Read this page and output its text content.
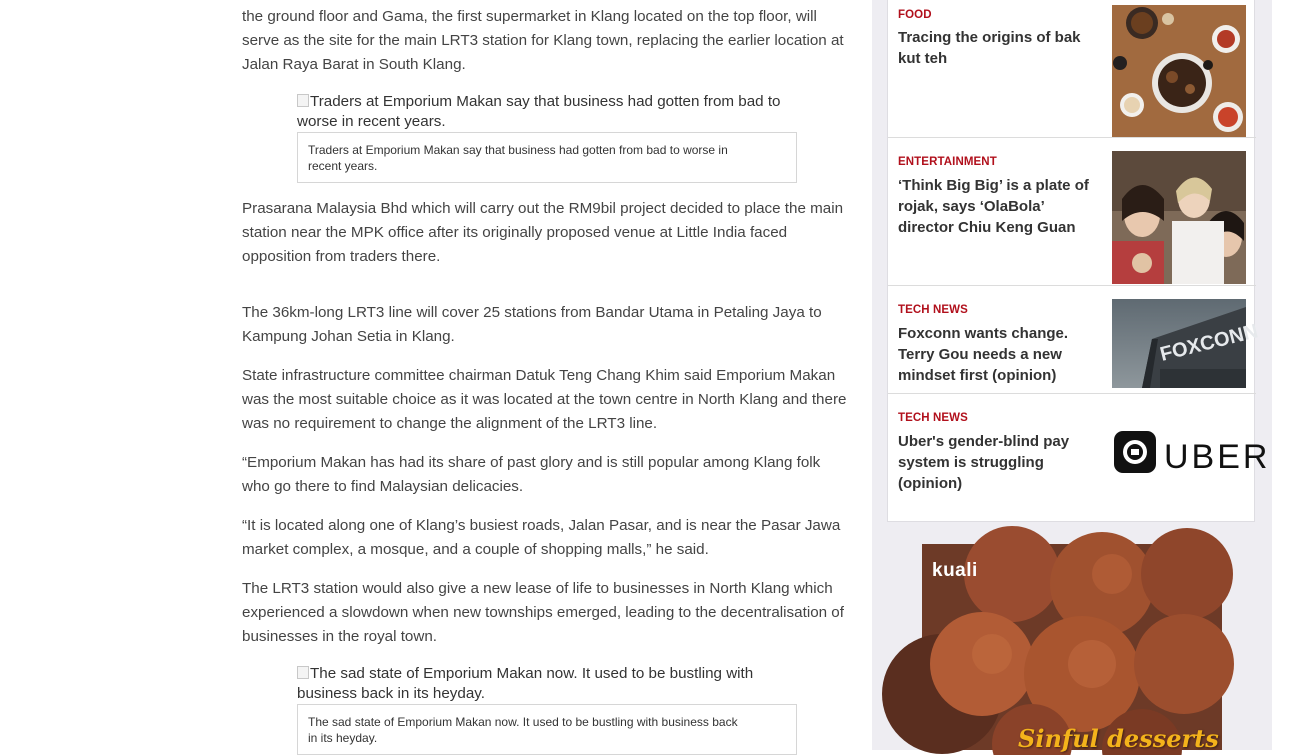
the ground floor and Gama, the first supermarket in Klang located on the top floor, will serve as the site for the main LRT3 station for Klang town, replacing the earlier location at Jalan Raya Barat in South Klang.

Traders at Emporium Makan say that business had gotten from bad to worse in recent years.
Traders at Emporium Makan say that business had gotten from bad to worse in recent years.

Prasarana Malaysia Bhd which will carry out the RM9bil project decided to place the main station near the MPK office after its originally proposed venue at Little India faced opposition from traders there.

The 36km-long LRT3 line will cover 25 stations from Bandar Utama in Petaling Jaya to Kampung Johan Setia in Klang.

State infrastructure committee chairman Datuk Teng Chang Khim said Emporium Makan was the most suitable choice as it was located at the town centre in North Klang and there was no requirement to change the alignment of the LRT3 line.

“Emporium Makan has had its share of past glory and is still popular among Klang folk who go there to find Malaysian delicacies.

“It is located along one of Klang’s busiest roads, Jalan Pasar, and is near the Pasar Jawa market complex, a mosque, and a couple of shopping malls,” he said.

The LRT3 station would also give a new lease of life to businesses in North Klang which experienced a slowdown when new townships emerged, leading to the decentralisation of businesses in the royal town.

The sad state of Emporium Makan now. It used to be bustling with business back in its heyday.
The sad state of Emporium Makan now. It used to be bustling with business back in its heyday.
FOOD
Tracing the origins of bak kut teh
ENTERTAINMENT
‘Think Big Big’ is a plate of rojak, says ‘OlaBola’ director Chiu Keng Guan
TECH NEWS
Foxconn wants change. Terry Gou needs a new mindset first (opinion)
FOXCONN
TECH NEWS
Uber's gender-blind pay system is struggling (opinion)
UBER
kuali
Sinful desserts
